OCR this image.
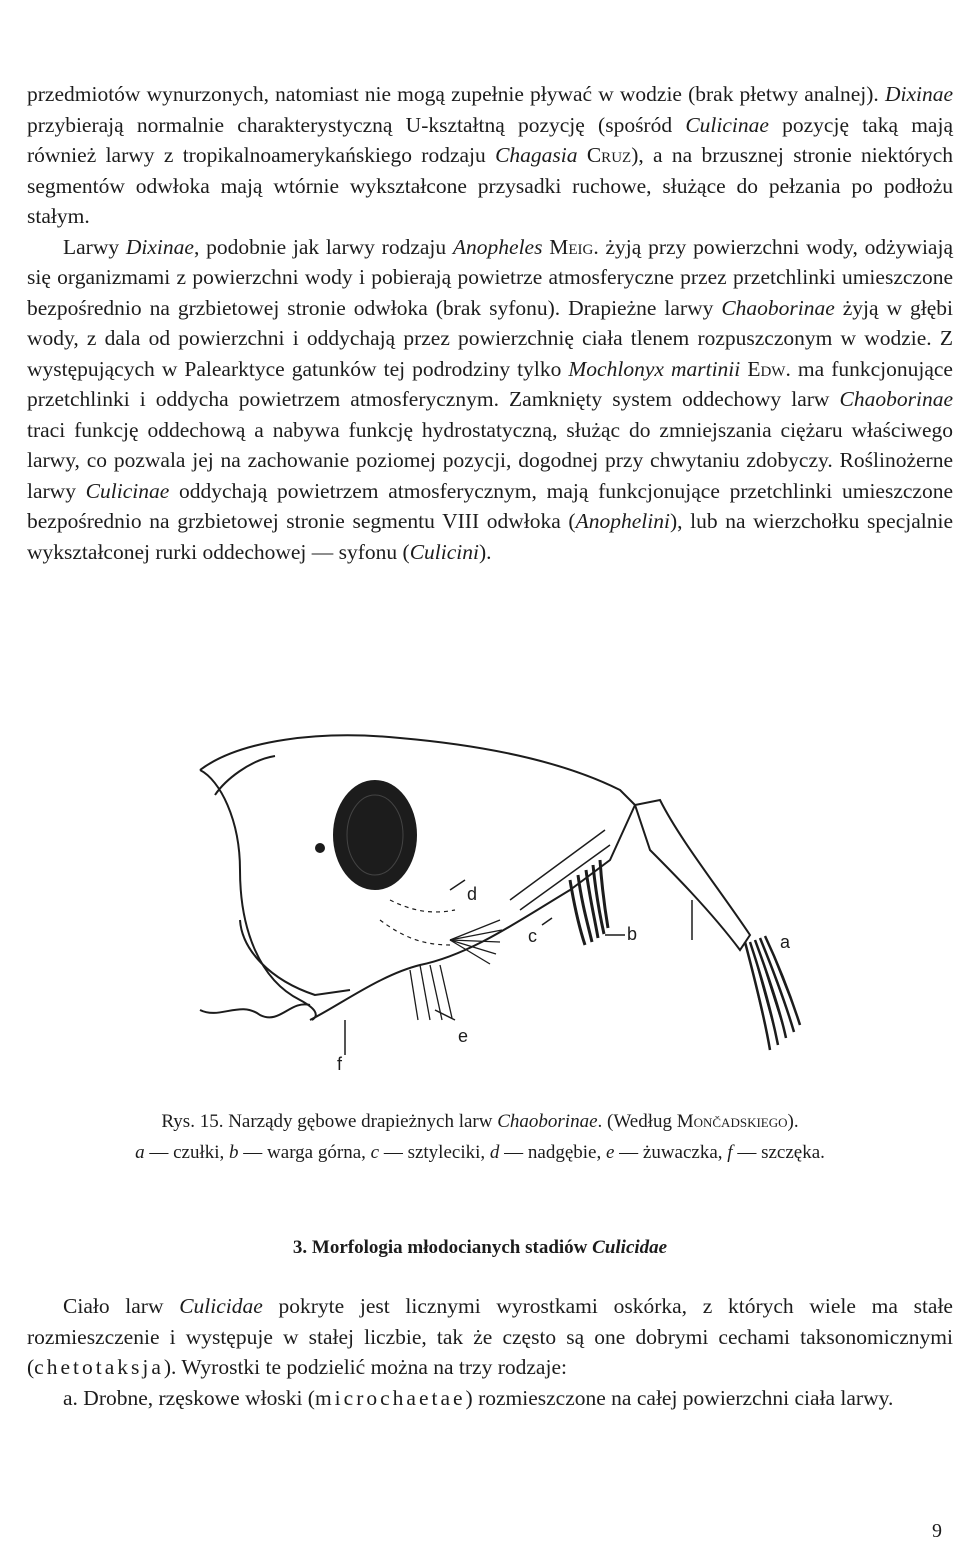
przedmiotów wynurzonych, natomiast nie mogą zupełnie pływać w wodzie (brak płetwy analnej). Dixinae przybierają normalnie charakterystyczną U-kształtną pozycję (spośród Culicinae pozycję taką mają również larwy z tropikalnoamerykańskiego rodzaju Chagasia Cruz), a na brzusznej stronie niektórych segmentów odwłoka mają wtórnie wykształcone przysadki ruchowe, służące do pełzania po podłożu stałym.

Larwy Dixinae, podobnie jak larwy rodzaju Anopheles Meig. żyją przy powierzchni wody, odżywiają się organizmami z powierzchni wody i pobierają powietrze atmosferyczne przez przetchlinki umieszczone bezpośrednio na grzbietowej stronie odwłoka (brak syfonu). Drapieżne larwy Chaoborinae żyją w głębi wody, z dala od powierzchni i oddychają przez powierzchnię ciała tlenem rozpuszczonym w wodzie. Z występujących w Palearktyce gatunków tej podrodziny tylko Mochlonyx martinii Edw. ma funkcjonujące przetchlinki i oddycha powietrzem atmosferycznym. Zamknięty system oddechowy larw Chaoborinae traci funkcję oddechową a nabywa funkcję hydrostatyczną, służąc do zmniejszania ciężaru właściwego larwy, co pozwala jej na zachowanie poziomej pozycji, dogodnej przy chwytaniu zdobyczy. Roślinożerne larwy Culicinae oddychają powietrzem atmosferycznym, mają funkcjonujące przetchlinki umieszczone bezpośrednio na grzbietowej stronie segmentu VIII odwłoka (Anophelini), lub na wierzchołku specjalnie wykształconej rurki oddechowej — syfonu (Culicini).

a
b
c
d
e
f
Rys. 15. Narządy gębowe drapieżnych larw Chaoborinae. (Według Mončadskiego).
a — czułki, b — warga górna, c — sztyleciki, d — nadgębie, e — żuwaczka, f — szczęka.
3. Morfologia młodocianych stadiów Culicidae

Ciało larw Culicidae pokryte jest licznymi wyrostkami oskórka, z których wiele ma stałe rozmieszczenie i występuje w stałej liczbie, tak że często są one dobrymi cechami taksonomicznymi (chetotaksja). Wyrostki te podzielić można na trzy rodzaje:

a. Drobne, rzęskowe włoski (microchaetae) rozmieszczone na całej powierzchni ciała larwy.

9
